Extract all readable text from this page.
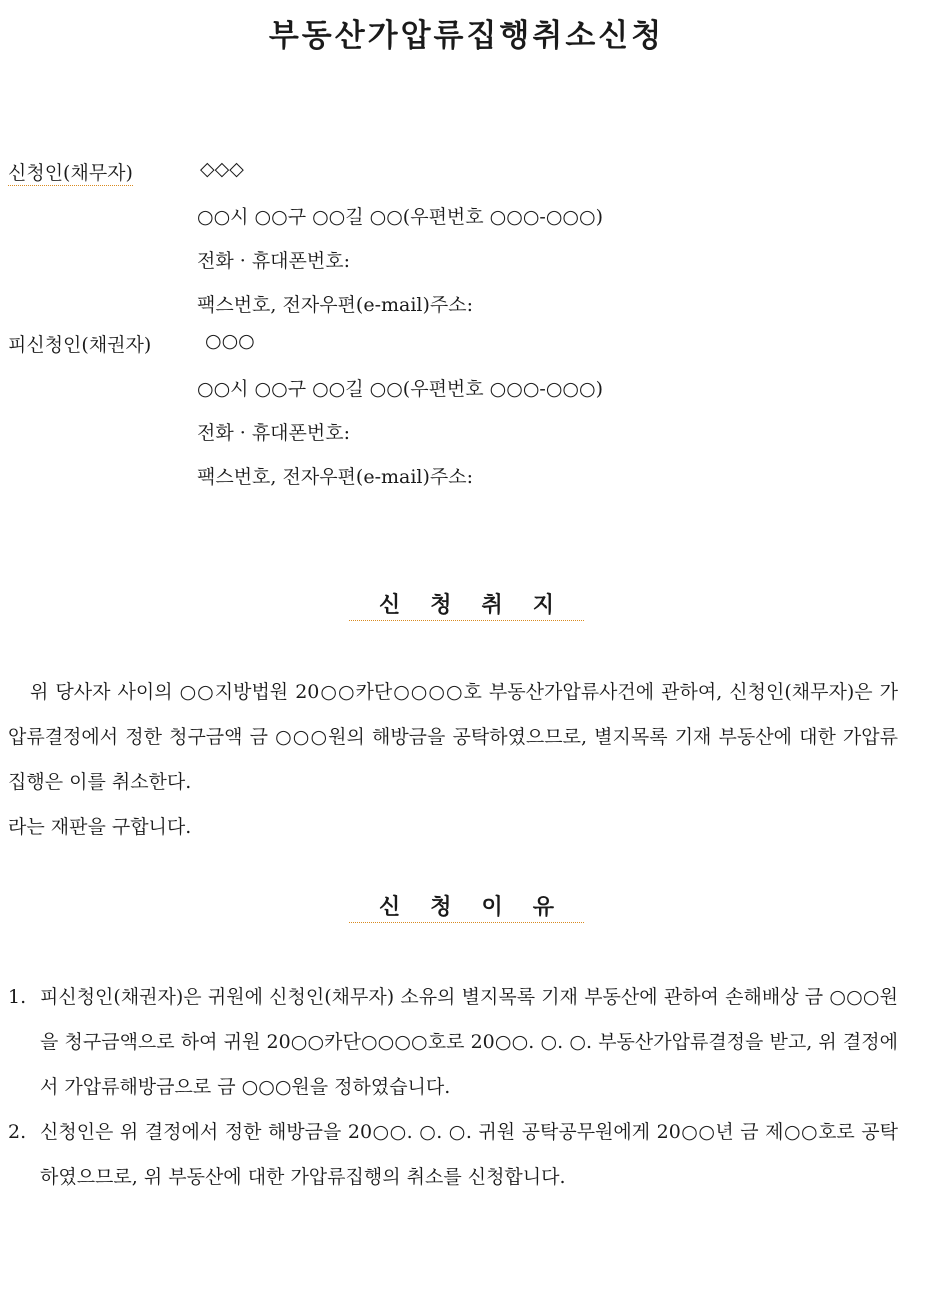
부동산가압류집행취소신청
신청인(채무자)	◇◇◇
○○시 ○○구 ○○길 ○○(우편번호 ○○○-○○○)
전화 · 휴대폰번호:
팩스번호, 전자우편(e-mail)주소:
피신청인(채권자)	○○○
○○시 ○○구 ○○길 ○○(우편번호 ○○○-○○○)
전화 · 휴대폰번호:
팩스번호, 전자우편(e-mail)주소:
신청취지

위 당사자 사이의 ○○지방법원 20○○카단○○○○호 부동산가압류사건에 관하여, 신청인(채무자)은 가압류결정에서 정한 청구금액 금 ○○○원의 해방금을 공탁하였으므로, 별지목록 기재 부동산에 대한 가압류집행은 이를 취소한다.
라는 재판을 구합니다.

신청이유
1. 피신청인(채권자)은 귀원에 신청인(채무자) 소유의 별지목록 기재 부동산에 관하여 손해배상 금 ○○○원을 청구금액으로 하여 귀원 20○○카단○○○○호로 20○○. ○. ○. 부동산가압류결정을 받고, 위 결정에서 가압류해방금으로 금 ○○○원을 정하였습니다.
2. 신청인은 위 결정에서 정한 해방금을 20○○. ○. ○. 귀원 공탁공무원에게 20○○년 금 제○○호로 공탁하였으므로, 위 부동산에 대한 가압류집행의 취소를 신청합니다.
